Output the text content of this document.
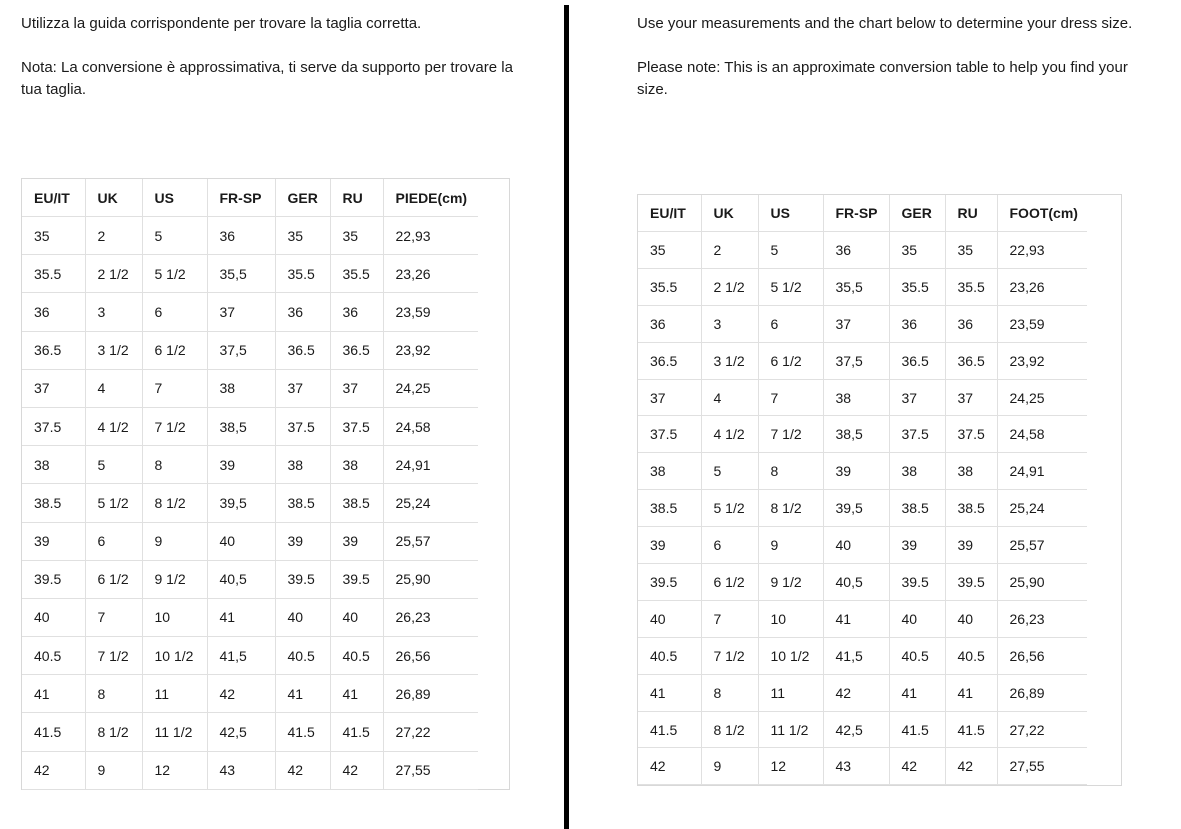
Utilizza la guida corrispondente per trovare la taglia corretta.

Nota: La conversione è approssimativa, ti serve da supporto per trovare la tua taglia.

EU/IT	UK	US	FR-SP	GER	RU	PIEDE(cm)
35	2	5	36	35	35	22,93
35.5	2 1/2	5 1/2	35,5	35.5	35.5	23,26
36	3	6	37	36	36	23,59
36.5	3 1/2	6 1/2	37,5	36.5	36.5	23,92
37	4	7	38	37	37	24,25
37.5	4 1/2	7 1/2	38,5	37.5	37.5	24,58
38	5	8	39	38	38	24,91
38.5	5 1/2	8 1/2	39,5	38.5	38.5	25,24
39	6	9	40	39	39	25,57
39.5	6 1/2	9 1/2	40,5	39.5	39.5	25,90
40	7	10	41	40	40	26,23
40.5	7 1/2	10 1/2	41,5	40.5	40.5	26,56
41	8	11	42	41	41	26,89
41.5	8 1/2	11 1/2	42,5	41.5	41.5	27,22
42	9	12	43	42	42	27,55

Use your measurements and the chart below to determine your dress size.

Please note: This is an approximate conversion table to help you find your size.

EU/IT	UK	US	FR-SP	GER	RU	FOOT(cm)
35	2	5	36	35	35	22,93
35.5	2 1/2	5 1/2	35,5	35.5	35.5	23,26
36	3	6	37	36	36	23,59
36.5	3 1/2	6 1/2	37,5	36.5	36.5	23,92
37	4	7	38	37	37	24,25
37.5	4 1/2	7 1/2	38,5	37.5	37.5	24,58
38	5	8	39	38	38	24,91
38.5	5 1/2	8 1/2	39,5	38.5	38.5	25,24
39	6	9	40	39	39	25,57
39.5	6 1/2	9 1/2	40,5	39.5	39.5	25,90
40	7	10	41	40	40	26,23
40.5	7 1/2	10 1/2	41,5	40.5	40.5	26,56
41	8	11	42	41	41	26,89
41.5	8 1/2	11 1/2	42,5	41.5	41.5	27,22
42	9	12	43	42	42	27,55
